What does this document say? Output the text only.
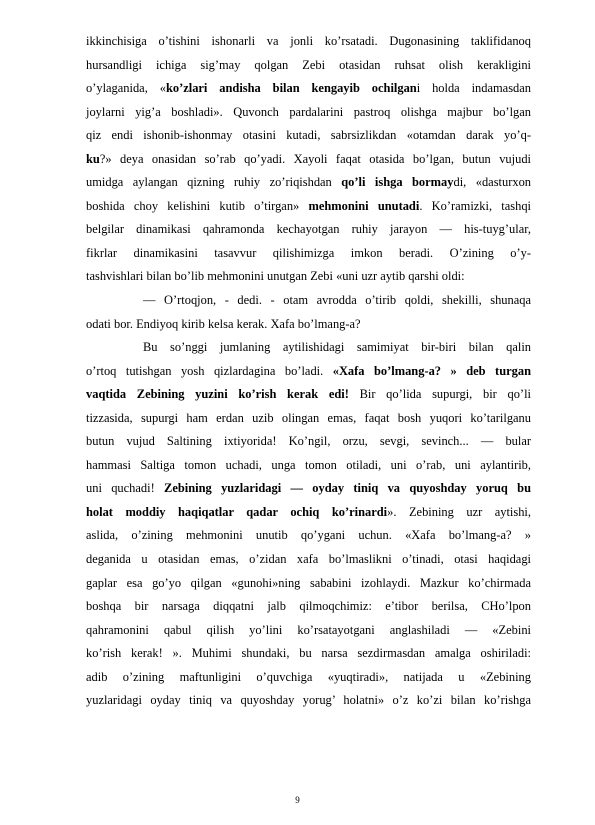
ikkinchisiga o’tishini ishonarli va jonli ko’rsatadi. Dugonasining taklifidanoq
hursandligi ichiga sig’may qolgan Zebi otasidan ruhsat olish kerakligini
o’ylaganida, «ko’zlari andisha bilan kengayib ochilgani holda indamasdan
joylarni yig’a boshladi». Quvonch pardalarini pastroq olishga majbur bo’lgan
qiz endi ishonib-ishonmay otasini kutadi, sabrsizlikdan «otamdan darak yo’q-
ku?» deya onasidan so’rab qo’yadi. Xayoli faqat otasida bo’lgan, butun vujudi
umidga aylangan qizning ruhiy zo’riqishdan qo’li ishga bormaydi, «dasturxon
boshida choy kelishini kutib o’tirgan» mehmonini unutadi. Ko’ramizki, tashqi
belgilar dinamikasi qahramonda kechayotgan ruhiy jarayon — his-tuyg’ular,
fikrlar dinamikasini tasavvur qilishimizga imkon beradi. O’zining o’y-
tashvishlari bilan bo’lib mehmonini unutgan Zebi «uni uzr aytib qarshi oldi:
— O’rtoqjon, - dedi. - otam avrodda o’tirib qoldi, shekilli, shunaqa
odati bor. Endiyoq kirib kelsa kerak. Xafa bo’lmang-a?
Bu so’nggi jumlaning aytilishidagi samimiyat bir-biri bilan qalin
o’rtoq tutishgan yosh qizlardagina bo’ladi. «Xafa bo’lmang-a? » deb turgan
vaqtida Zebining yuzini ko’rish kerak edi! Bir qo’lida supurgi, bir qo’li
tizzasida, supurgi ham erdan uzib olingan emas, faqat bosh yuqori ko’tarilganu
butun vujud Saltining ixtiyorida! Ko’ngil, orzu, sevgi, sevinch... — bular
hammasi Saltiga tomon uchadi, unga tomon otiladi, uni o’rab, uni aylantirib,
uni quchadi! Zebining yuzlaridagi — oyday tiniq va quyoshday yoruq bu
holat moddiy haqiqatlar qadar ochiq ko’rinardi». Zebining uzr aytishi,
aslida, o’zining mehmonini unutib qo’ygani uchun. «Xafa bo’lmang-a? »
deganida u otasidan emas, o’zidan xafa bo’lmaslikni o’tinadi, otasi haqidagi
gaplar esa go’yo qilgan «gunohi»ning sababini izohlaydi. Mazkur ko’chirmada
boshqa bir narsaga diqqatni jalb qilmoqchimiz: e’tibor berilsa, CHo’lpon
qahramonini qabul qilish yo’lini ko’rsatayotgani anglashiladi — «Zebini
ko’rish kerak! ». Muhimi shundaki, bu narsa sezdirmasdan amalga oshiriladi:
adib o’zining maftunligini o’quvchiga «yuqtiradi», natijada u «Zebining
yuzlaridagi oyday tiniq va quyoshday yorug’ holatni» o’z ko’zi bilan ko’rishga
9
